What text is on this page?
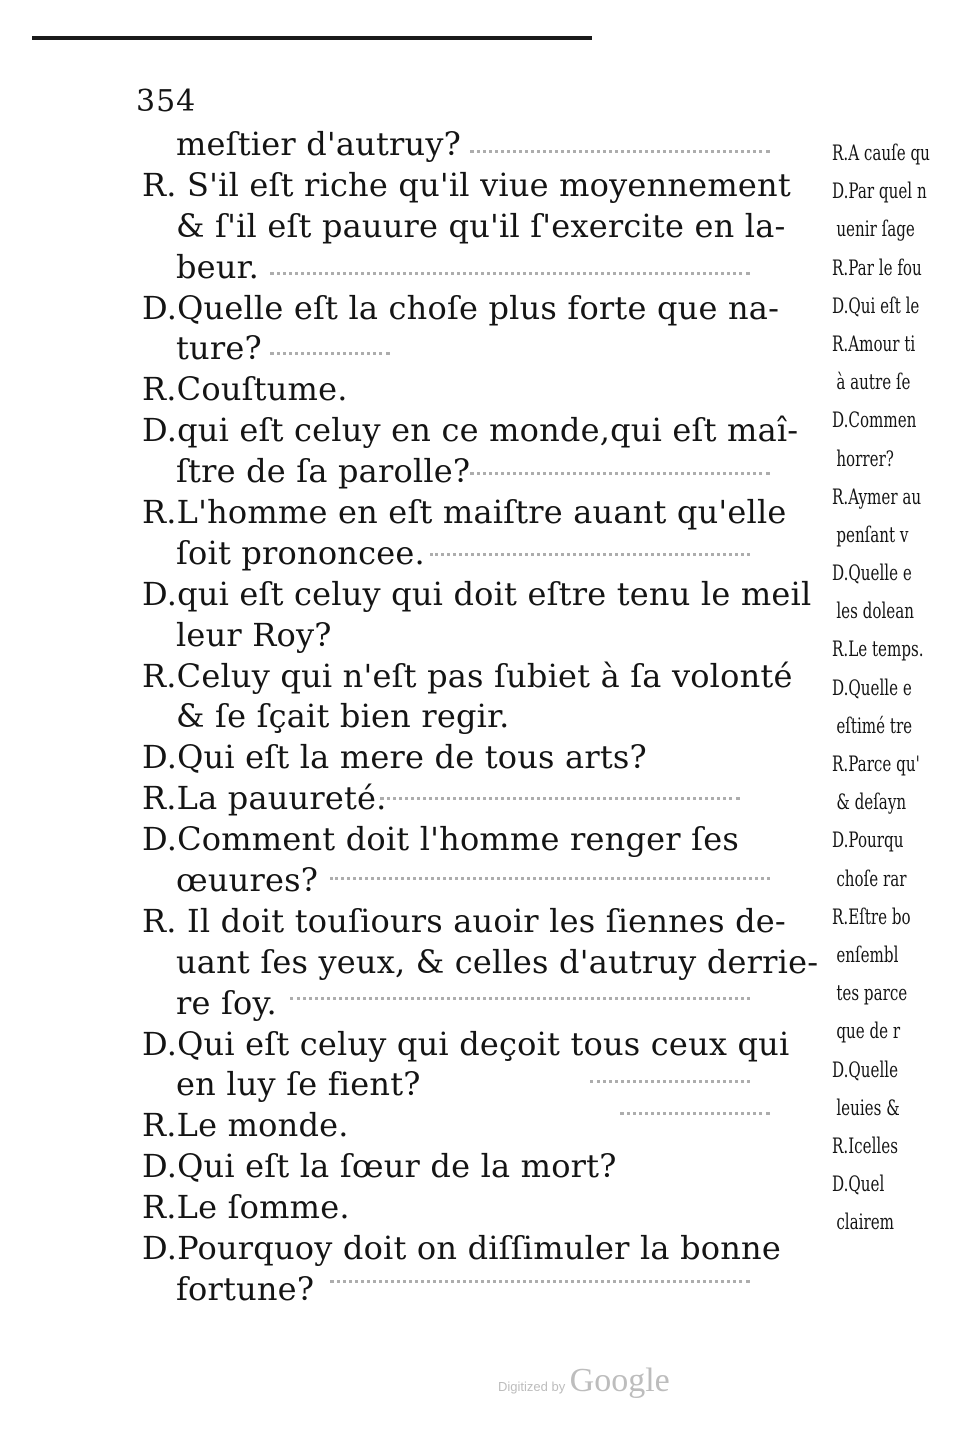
354
meſtier d'autruy?
R. S'il eſt riche qu'il viue moyennement
& ſ'il eſt pauure qu'il ſ'exercite en la-
beur.
D.Quelle eſt la choſe plus forte que na-
ture?
R.Couſtume.
D.qui eſt celuy en ce monde,qui eſt maî-
ſtre de ſa parolle?
R.L'homme en eſt maiſtre auant qu'elle
ſoit prononcee.
D.qui eſt celuy qui doit eſtre tenu le meil
leur Roy?
R.Celuy qui n'eſt pas ſubiet à ſa volonté
& ſe ſçait bien regir.
D.Qui eſt la mere de tous arts?
R.La pauureté.
D.Comment doit l'homme renger ſes
œuures?
R. Il doit touſiours auoir les ſiennes de-
uant ſes yeux, & celles d'autruy derrie-
re ſoy.
D.Qui eſt celuy qui deçoit tous ceux qui
en luy ſe fient?
R.Le monde.
D.Qui eſt la ſœur de la mort?
R.Le ſomme.
D.Pourquoy doit on diſſimuler la bonne
fortune?
R.A cauſe qu
D.Par quel n
uenir ſage
R.Par le fou
D.Qui eſt le
R.Amour ti
à autre ſe
D.Commen
horrer?
R.Aymer au
penſant v
D.Quelle e
les dolean
R.Le temps.
D.Quelle e
eſtimé tre
R.Parce qu'
& deſayn
D.Pourqu
choſe rar
R.Eſtre bo
enſembl
tes parce
que de r
D.Quelle
leuies &
R.Icelles
D.Quel
clairem
Digitized by Google
